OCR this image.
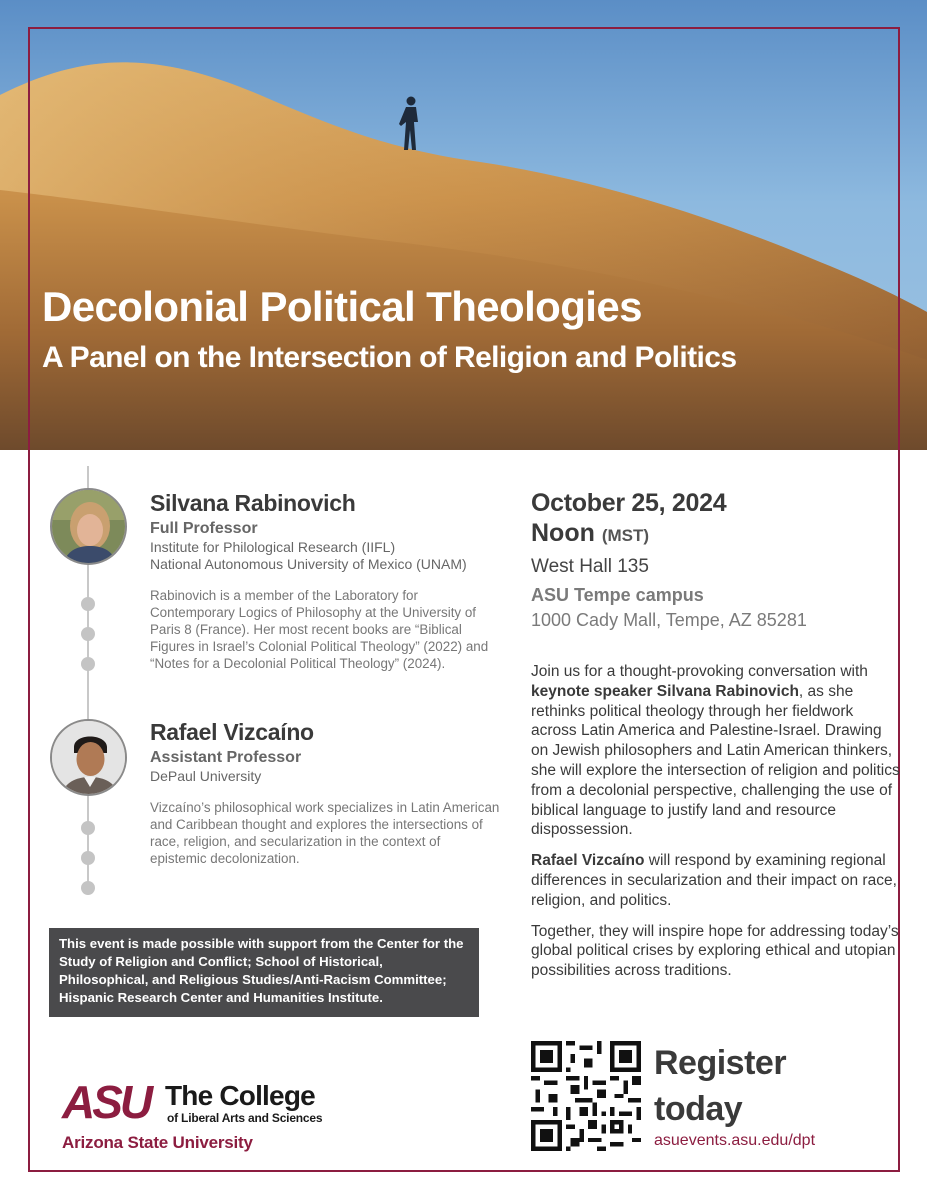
Decolonial Political Theologies
A Panel on the Intersection of Religion and Politics
Silvana Rabinovich
Full Professor
Institute for Philological Research (IIFL)
National Autonomous University of Mexico (UNAM)
Rabinovich is a member of the Laboratory for Contemporary Logics of Philosophy at the University of Paris 8 (France). Her most recent books are “Biblical Figures in Israel’s Colonial Political Theology” (2022) and “Notes for a Decolonial Political Theology” (2024).
Rafael Vizcaíno
Assistant Professor
DePaul University
Vizcaíno’s philosophical work specializes in Latin American and Caribbean thought and explores the intersections of race, religion, and secularization in the context of epistemic decolonization.
This event is made possible with support from the Center for the Study of Religion and Conflict; School of Historical, Philosophical, and Religious Studies/Anti-Racism Committee; Hispanic Research Center and Humanities Institute.
ASU The College
of Liberal Arts and Sciences
Arizona State University
October 25, 2024
Noon (MST)
West Hall 135
ASU Tempe campus
1000 Cady Mall, Tempe, AZ 85281

Join us for a thought-provoking conversation with keynote speaker Silvana Rabinovich, as she rethinks political theology through her fieldwork across Latin America and Palestine-Israel. Drawing on Jewish philosophers and Latin American thinkers, she will explore the intersection of religion and politics from a decolonial perspective, challenging the use of biblical language to justify land and resource dispossession.

Rafael Vizcaíno will respond by examining regional differences in secularization and their impact on race, religion, and politics.

Together, they will inspire hope for addressing today’s global political crises by exploring ethical and utopian possibilities across traditions.

Register
today
asuevents.asu.edu/dpt
